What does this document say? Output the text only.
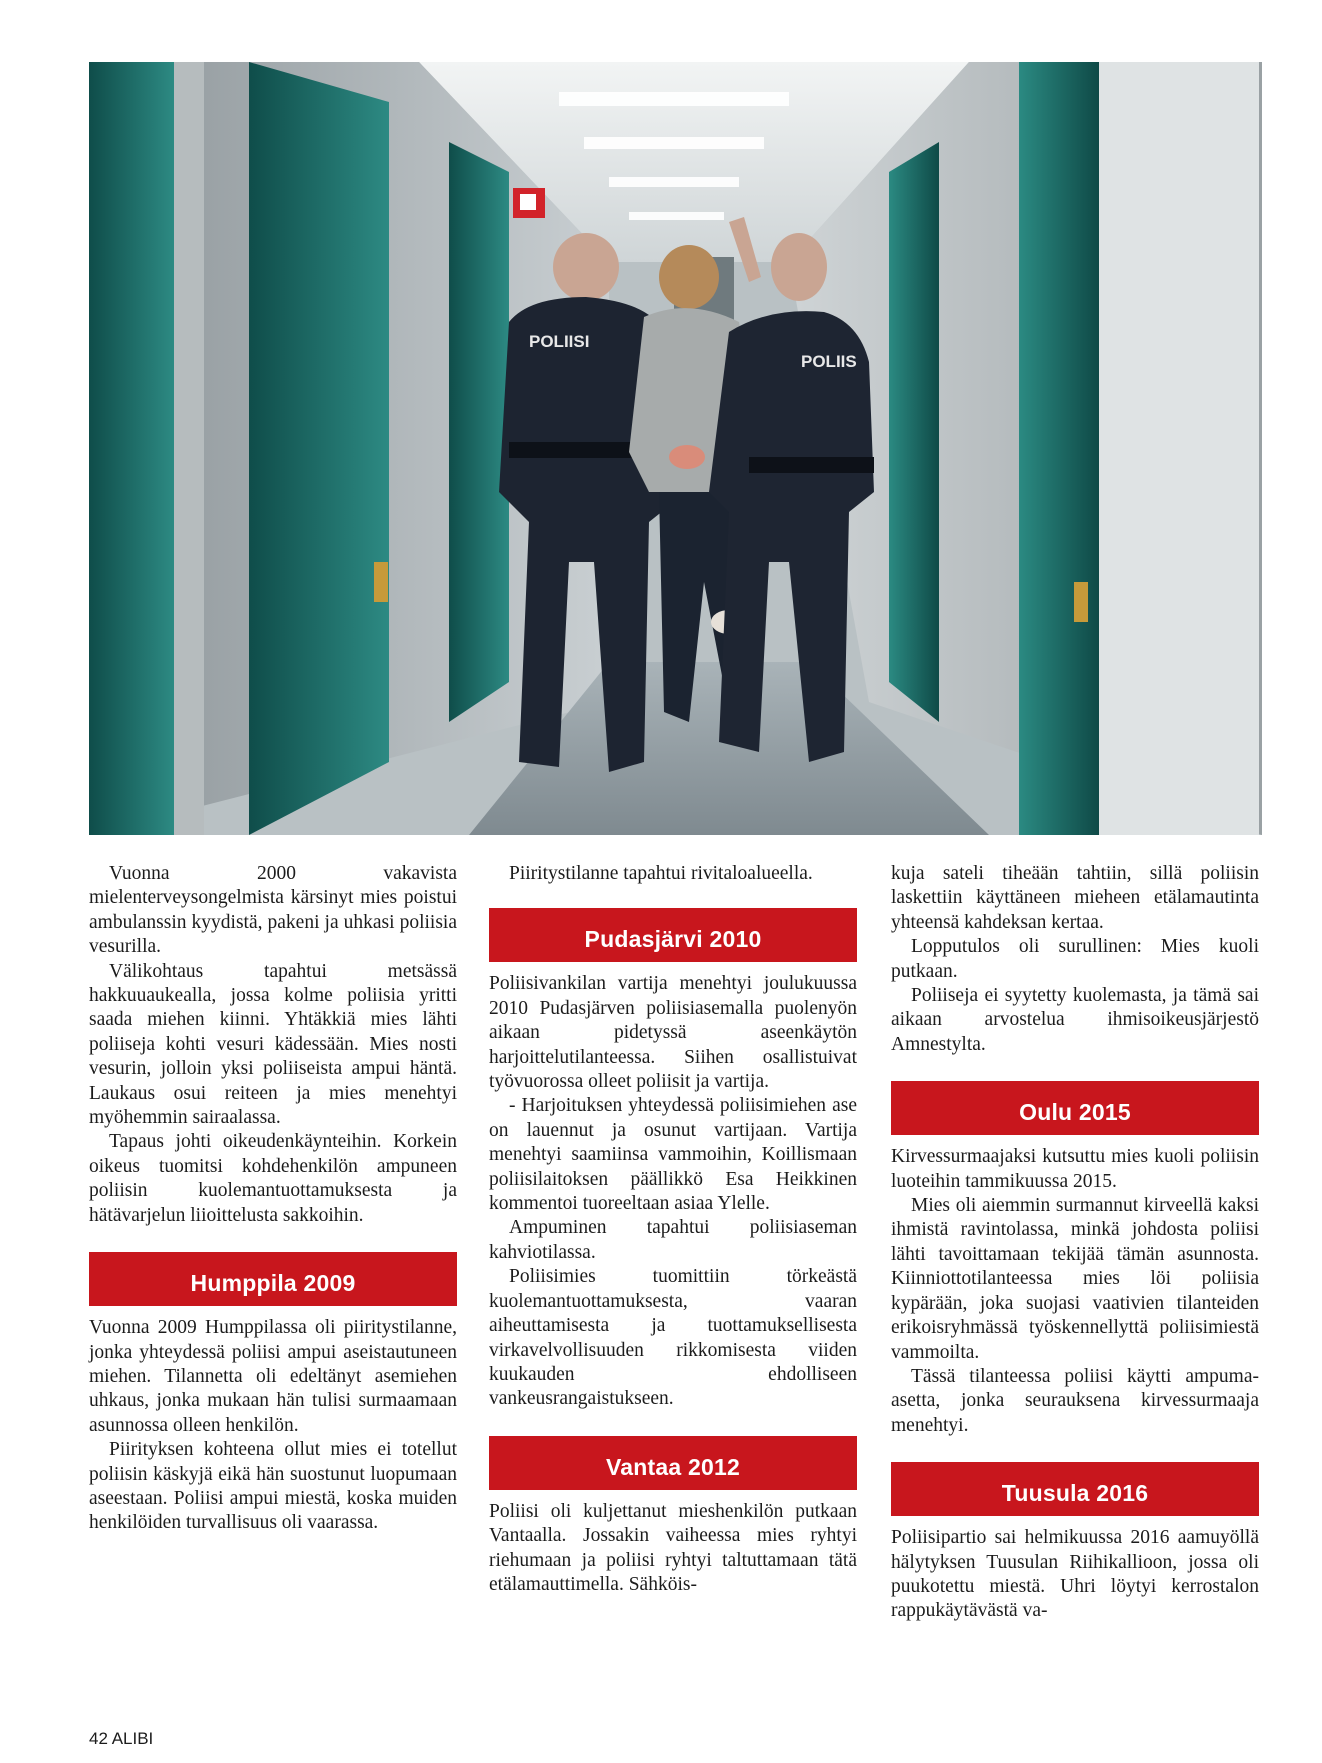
POLIISI
POLIIS

Vuonna 2000 vakavista mielenterveysongelmista kärsinyt mies poistui ambulanssin kyydistä, pakeni ja uhkasi poliisia vesurilla.

Välikohtaus tapahtui metsässä hakkuuaukealla, jossa kolme poliisia yritti saada miehen kiinni. Yhtäkkiä mies lähti poliiseja kohti vesuri kädessään. Mies nosti vesurin, jolloin yksi poliiseista ampui häntä. Laukaus osui reiteen ja mies menehtyi myöhemmin sairaalassa.

Tapaus johti oikeudenkäynteihin. Korkein oikeus tuomitsi kohdehenkilön ampuneen poliisin kuolemantuottamuksesta ja hätävarjelun liioittelusta sakkoihin.

Humppila 2009

Vuonna 2009 Humppilassa oli piiritystilanne, jonka yhteydessä poliisi ampui aseistautuneen miehen. Tilannetta oli edeltänyt asemiehen uhkaus, jonka mukaan hän tulisi surmaamaan asunnossa olleen henkilön.

Piirityksen kohteena ollut mies ei totellut poliisin käskyjä eikä hän suostunut luopumaan aseestaan. Poliisi ampui miestä, koska muiden henkilöiden turvallisuus oli vaarassa.

Piiritystilanne tapahtui rivitaloalueella.

Pudasjärvi 2010

Poliisivankilan vartija menehtyi joulukuussa 2010 Pudasjärven poliisiasemalla puolenyön aikaan pidetyssä aseenkäytön harjoittelutilanteessa. Siihen osallistuivat työvuorossa olleet poliisit ja vartija.

- Harjoituksen yhteydessä poliisimiehen ase on lauennut ja osunut vartijaan. Vartija menehtyi saamiinsa vammoihin, Koillismaan poliisilaitoksen päällikkö Esa Heikkinen kommentoi tuoreeltaan asiaa Ylelle.

Ampuminen tapahtui poliisiaseman kahviotilassa.

Poliisimies tuomittiin törkeästä kuolemantuottamuksesta, vaaran aiheuttamisesta ja tuottamuksellisesta virkavelvollisuuden rikkomisesta viiden kuukauden ehdolliseen vankeusrangaistukseen.

Vantaa 2012

Poliisi oli kuljettanut mieshenkilön putkaan Vantaalla. Jossakin vaiheessa mies ryhtyi riehumaan ja poliisi ryhtyi taltuttamaan tätä etälamauttimella. Sähköis-

kuja sateli tiheään tahtiin, sillä poliisin laskettiin käyttäneen mieheen etälamautinta yhteensä kahdeksan kertaa.

Lopputulos oli surullinen: Mies kuoli putkaan.

Poliiseja ei syytetty kuolemasta, ja tämä sai aikaan arvostelua ihmisoikeusjärjestö Amnestylta.

Oulu 2015

Kirvessurmaajaksi kutsuttu mies kuoli poliisin luoteihin tammikuussa 2015.

Mies oli aiemmin surmannut kirveellä kaksi ihmistä ravintolassa, minkä johdosta poliisi lähti tavoittamaan tekijää tämän asunnosta. Kiinniottotilanteessa mies löi poliisia kypärään, joka suojasi vaativien tilanteiden erikoisryhmässä työskennellyttä poliisimiestä vammoilta.

Tässä tilanteessa poliisi käytti ampuma-asetta, jonka seurauksena kirvessurmaaja menehtyi.

Tuusula 2016

Poliisipartio sai helmikuussa 2016 aamuyöllä hälytyksen Tuusulan Riihikallioon, jossa oli puukotettu miestä. Uhri löytyi kerrostalon rappukäytävästä va-

42 ALIBI
